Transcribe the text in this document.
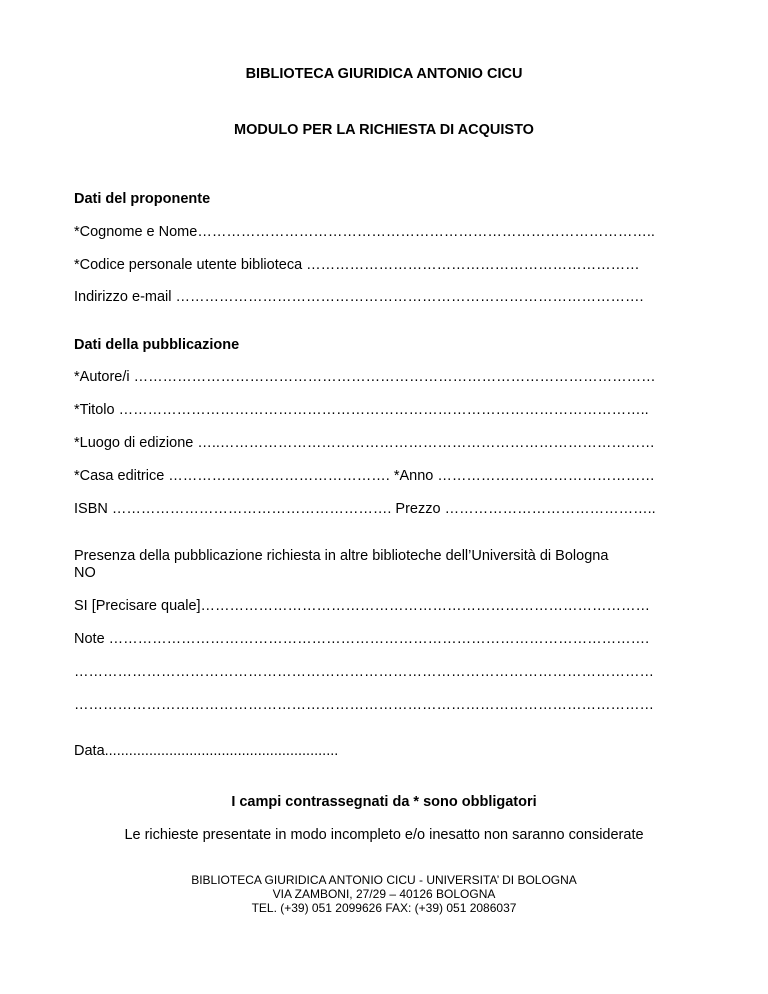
BIBLIOTECA GIURIDICA ANTONIO CICU
MODULO PER LA RICHIESTA DI ACQUISTO
Dati del proponente
*Cognome e Nome…………………………………………………………………………………..
*Codice personale utente biblioteca ……………………………………………………………
Indirizzo e-mail …………………………………………………………………………………….
Dati della pubblicazione
*Autore/i ………………………………………………………………………………………………
*Titolo ………………………………………………………………………………………………..
*Luogo di edizione …..………………………………………………………………………………
*Casa editrice ………………………………………. *Anno ………………………………………
ISBN …………………………………………………. Prezzo ……………………………………..
Presenza della pubblicazione richiesta in altre biblioteche dell’Università di Bologna
NO
SI [Precisare quale]…………………………………………………………………………………
Note ………………………………………………………………………………………………….
…………………………………………………………………………………………………………
…………………………………………………………………………………………………………
Data..........................................................
I campi contrassegnati da * sono obbligatori
Le richieste presentate in modo incompleto e/o inesatto non saranno considerate
BIBLIOTECA GIURIDICA ANTONIO CICU - UNIVERSITA’ DI BOLOGNA
VIA ZAMBONI, 27/29 – 40126 BOLOGNA
TEL. (+39) 051 2099626 FAX: (+39) 051 2086037
